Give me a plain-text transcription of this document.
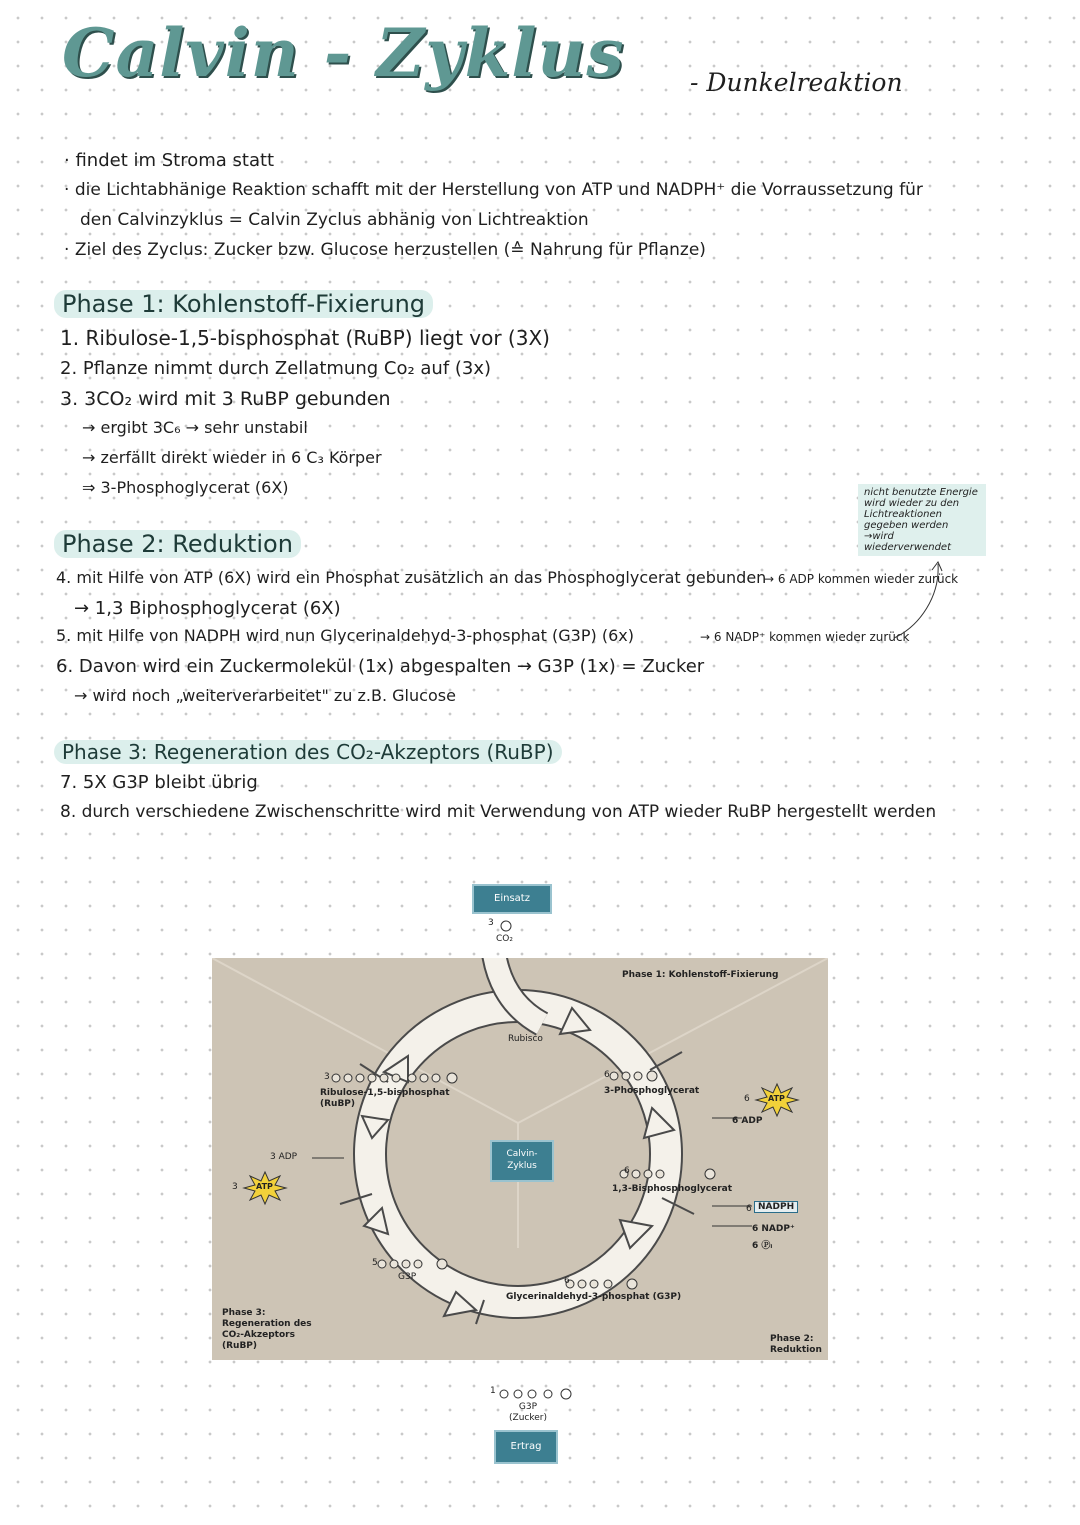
Calvin - Zyklus	- Dunkelreaktion
· findet im Stroma statt
· die Lichtabhänige Reaktion schafft mit der Herstellung von ATP und NADPH⁺ die Vorraussetzung für
den Calvinzyklus = Calvin Zyclus abhänig von Lichtreaktion
· Ziel des Zyclus: Zucker bzw. Glucose herzustellen (≙ Nahrung für Pflanze)
Phase 1: Kohlenstoff-Fixierung
1. Ribulose-1,5-bisphosphat (RuBP) liegt vor (3X)
2. Pflanze nimmt durch Zellatmung Co₂ auf (3x)
3. 3CO₂ wird mit 3 RuBP gebunden
→ ergibt 3C₆ → sehr unstabil
→ zerfällt direkt wieder in 6 C₃ Körper
⇒ 3-Phosphoglycerat (6X)	nicht benutzte Energie wird wieder zu den Lichtreaktionen gegeben werden →wird wiederverwendet
Phase 2: Reduktion
4. mit Hilfe von ATP (6X) wird ein Phosphat zusätzlich an das Phosphoglycerat gebunden
→ 6 ADP kommen wieder zurück
→ 1,3 Biphosphoglycerat (6X)
5. mit Hilfe von NADPH wird nun Glycerinaldehyd-3-phosphat (G3P) (6x)	→ 6 NADP⁺ kommen wieder zurück
6. Davon wird ein Zuckermolekül (1x) abgespalten → G3P (1x) = Zucker
→ wird noch „weiterverarbeitet" zu z.B. Glucose
Phase 3: Regeneration des CO₂-Akzeptors (RuBP)
7. 5X G3P bleibt übrig
8. durch verschiedene Zwischenschritte wird mit Verwendung von ATP wieder RuBP hergestellt werden
Einsatz
3
CO₂
Calvin-Zyklus
Ertrag
Phase 1: Kohlenstoff-Fixierung
Rubisco
3
Ribulose-1,5-bisphosphat (RuBP)
6
3-Phosphoglycerat
ATP
6
6 ADP
6
1,3-Bisphosphoglycerat
6 NADPH
6 NADP⁺
6 Ⓟᵢ
6
Glycerinaldehyd-3-phosphat (G3P)
5
G3P
3 ADP
ATP
3
Phase 3: Regeneration des CO₂-Akzeptors (RuBP)
Phase 2: Reduktion
1
G3P (Zucker)
